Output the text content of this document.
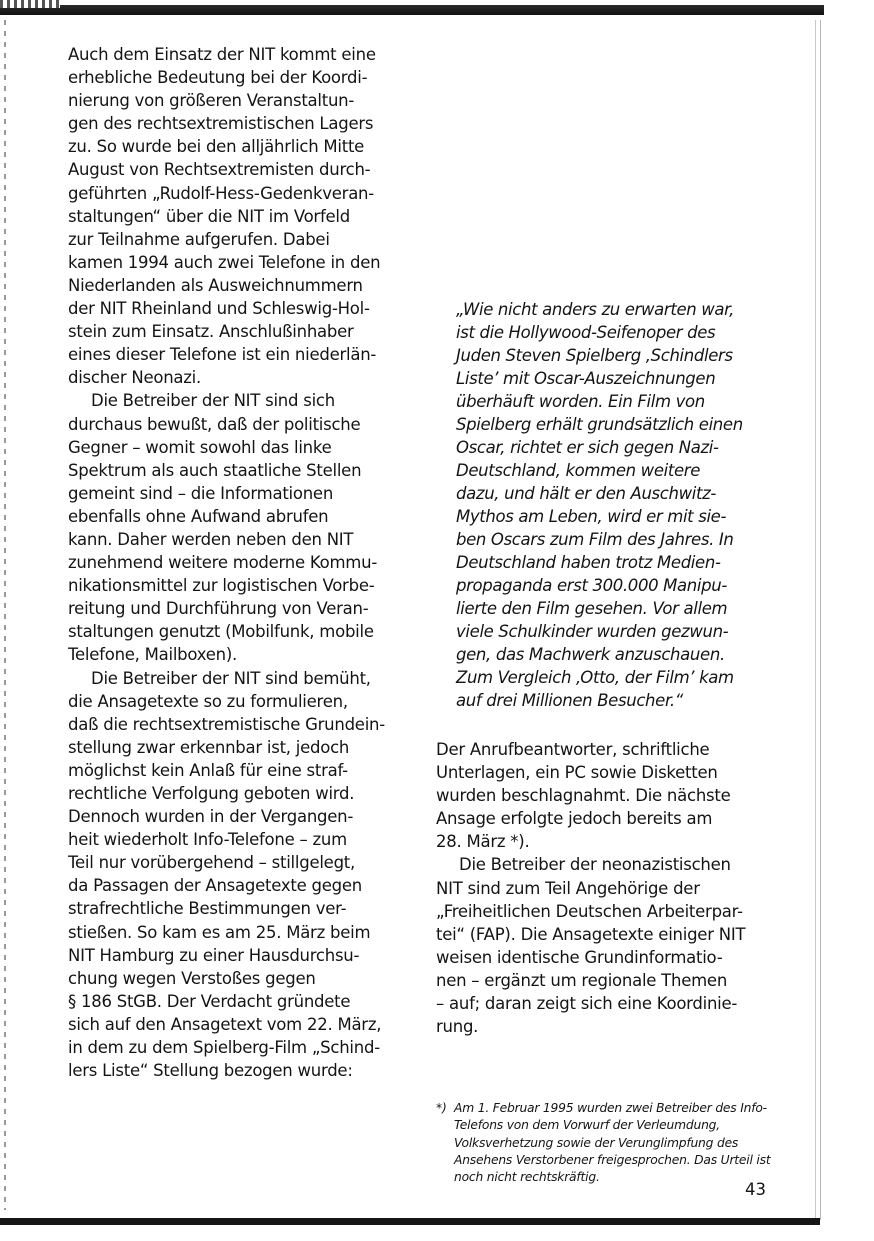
Auch dem Einsatz der NIT kommt eine
erhebliche Bedeutung bei der Koordi-
nierung von größeren Veranstaltun-
gen des rechtsextremistischen Lagers
zu. So wurde bei den alljährlich Mitte
August von Rechtsextremisten durch-
geführten „Rudolf-Hess-Gedenkveran-
staltungen“ über die NIT im Vorfeld
zur Teilnahme aufgerufen. Dabei
kamen 1994 auch zwei Telefone in den
Niederlanden als Ausweichnummern
der NIT Rheinland und Schleswig-Hol-
stein zum Einsatz. Anschlußinhaber
eines dieser Telefone ist ein niederlän-
discher Neonazi.
Die Betreiber der NIT sind sich
durchaus bewußt, daß der politische
Gegner – womit sowohl das linke
Spektrum als auch staatliche Stellen
gemeint sind – die Informationen
ebenfalls ohne Aufwand abrufen
kann. Daher werden neben den NIT
zunehmend weitere moderne Kommu-
nikationsmittel zur logistischen Vorbe-
reitung und Durchführung von Veran-
staltungen genutzt (Mobilfunk, mobile
Telefone, Mailboxen).
Die Betreiber der NIT sind bemüht,
die Ansagetexte so zu formulieren,
daß die rechtsextremistische Grundein-
stellung zwar erkennbar ist, jedoch
möglichst kein Anlaß für eine straf-
rechtliche Verfolgung geboten wird.
Dennoch wurden in der Vergangen-
heit wiederholt Info-Telefone – zum
Teil nur vorübergehend – stillgelegt,
da Passagen der Ansagetexte gegen
strafrechtliche Bestimmungen ver-
stießen. So kam es am 25. März beim
NIT Hamburg zu einer Hausdurchsu-
chung wegen Verstoßes gegen
§ 186 StGB. Der Verdacht gründete
sich auf den Ansagetext vom 22. März,
in dem zu dem Spielberg-Film „Schind-
lers Liste“ Stellung bezogen wurde:
„Wie nicht anders zu erwarten war,
ist die Hollywood-Seifenoper des
Juden Steven Spielberg ‚Schindlers
Liste’ mit Oscar-Auszeichnungen
überhäuft worden. Ein Film von
Spielberg erhält grundsätzlich einen
Oscar, richtet er sich gegen Nazi-
Deutschland, kommen weitere
dazu, und hält er den Auschwitz-
Mythos am Leben, wird er mit sie-
ben Oscars zum Film des Jahres. In
Deutschland haben trotz Medien-
propaganda erst 300.000 Manipu-
lierte den Film gesehen. Vor allem
viele Schulkinder wurden gezwun-
gen, das Machwerk anzuschauen.
Zum Vergleich ‚Otto, der Film’ kam
auf drei Millionen Besucher.“
Der Anrufbeantworter, schriftliche
Unterlagen, ein PC sowie Disketten
wurden beschlagnahmt. Die nächste
Ansage erfolgte jedoch bereits am
28. März *).
Die Betreiber der neonazistischen
NIT sind zum Teil Angehörige der
„Freiheitlichen Deutschen Arbeiterpar-
tei“ (FAP). Die Ansagetexte einiger NIT
weisen identische Grundinformatio-
nen – ergänzt um regionale Themen
– auf; daran zeigt sich eine Koordinie-
rung.
*) Am 1. Februar 1995 wurden zwei Betreiber des Info-Telefons von dem Vorwurf der Verleumdung, Volksverhetzung sowie der Verunglimpfung des Ansehens Verstorbener freigesprochen. Das Urteil ist noch nicht rechtskräftig.
43
